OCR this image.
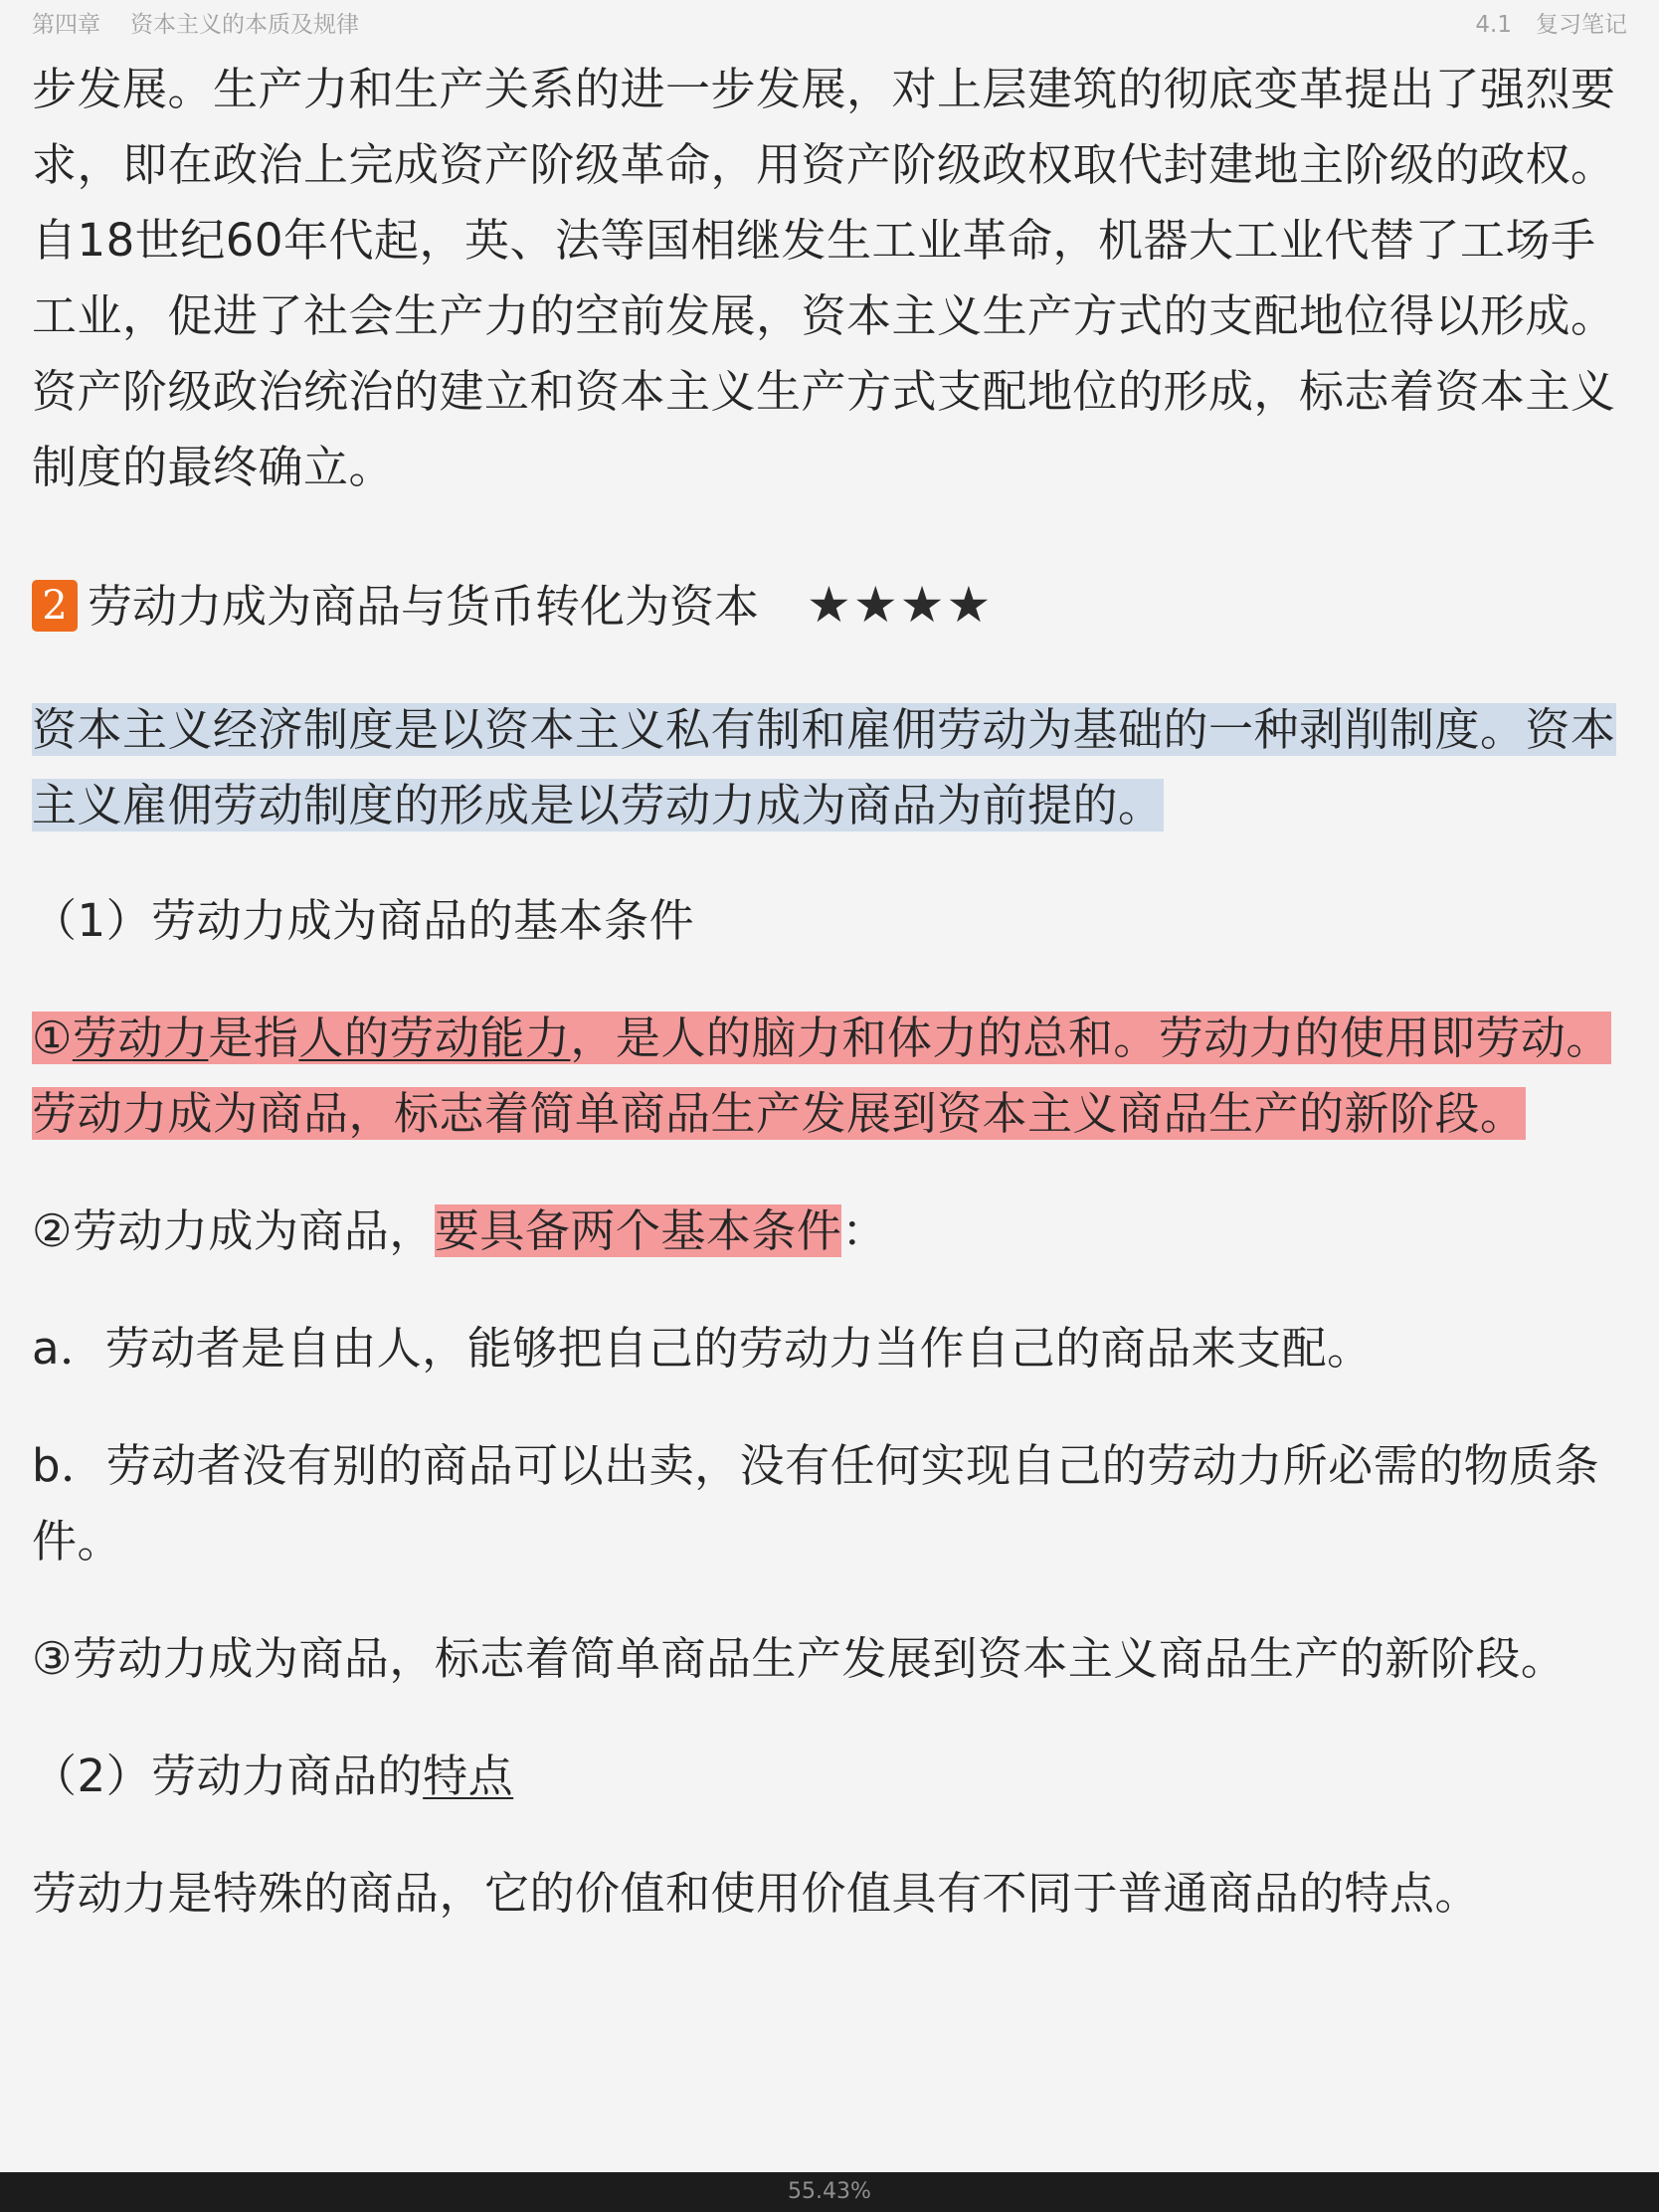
第四章 资本主义的本质及规律	4.1 复习笔记

步发展。生产力和生产关系的进一步发展，对上层建筑的彻底变革提出了强烈要求，即在政治上完成资产阶级革命，用资产阶级政权取代封建地主阶级的政权。自18世纪60年代起，英、法等国相继发生工业革命，机器大工业代替了工场手工业，促进了社会生产力的空前发展，资本主义生产方式的支配地位得以形成。资产阶级政治统治的建立和资本主义生产方式支配地位的形成，标志着资本主义制度的最终确立。

2 劳动力成为商品与货币转化为资本 ★★★★

资本主义经济制度是以资本主义私有制和雇佣劳动为基础的一种剥削制度。资本主义雇佣劳动制度的形成是以劳动力成为商品为前提的。

（1）劳动力成为商品的基本条件

①劳动力是指人的劳动能力，是人的脑力和体力的总和。劳动力的使用即劳动。劳动力成为商品，标志着简单商品生产发展到资本主义商品生产的新阶段。

②劳动力成为商品，要具备两个基本条件：

a．劳动者是自由人，能够把自己的劳动力当作自己的商品来支配。

b．劳动者没有别的商品可以出卖，没有任何实现自己的劳动力所必需的物质条件。

③劳动力成为商品，标志着简单商品生产发展到资本主义商品生产的新阶段。

（2）劳动力商品的特点

劳动力是特殊的商品，它的价值和使用价值具有不同于普通商品的特点。

55.43%
